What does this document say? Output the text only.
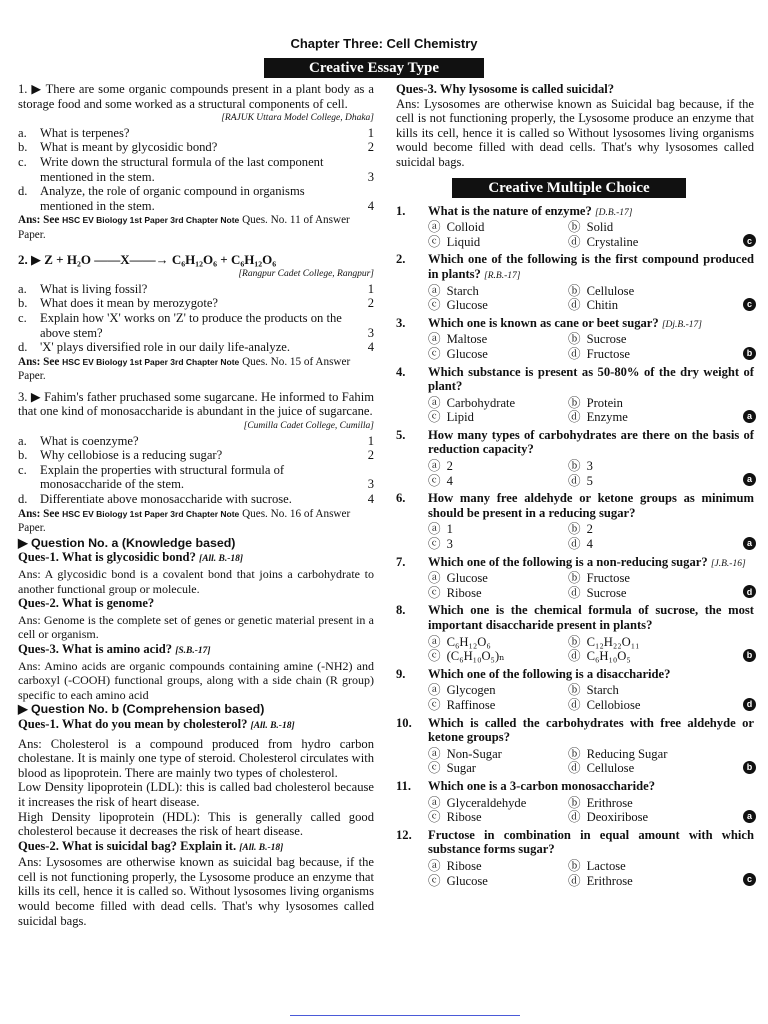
Chapter Three: Cell Chemistry
Creative Essay Type

1. ▶ There are some organic compounds present in a plant body as a storage food and some worked as a structural components of cell.

[RAJUK Uttara Model College, Dhaka]
a.	What is terpenes?	1
b. What is meant by glycosidic bond?	2
c.	Write down the structural formula of the last component mentioned in the stem.	3
d. Analyze, the role of organic compound in organisms mentioned in the stem.	4

Ans: See HSC EV Biology 1st Paper 3rd Chapter Note Ques. No. 11 of Answer Paper.

2. ▶ Z + H₂O ——X——→ C₆H₁₂O₆ + C₆H₁₂O₆

[Rangpur Cadet College, Rangpur]
a.	What is living fossil?	1
b. What does it mean by merozygote?	2
c.	Explain how 'X' works on 'Z' to produce the products on the above stem?	3
d. 'X' plays diversified role in our daily life-analyze.	4

Ans: See HSC EV Biology 1st Paper 3rd Chapter Note Ques. No. 15 of Answer Paper.

3. ▶ Fahim's father pruchased some sugarcane. He informed to Fahim that one kind of monosaccharide is abundant in the juice of sugarcane.

[Cumilla Cadet College, Cumilla]
a.	What is coenzyme?	1
b. Why cellobiose is a reducing sugar?	2
c.	Explain the properties with structural formula of monosaccharide of the stem.	3
d. Differentiate above monosaccharide with sucrose.	4

Ans: See HSC EV Biology 1st Paper 3rd Chapter Note Ques. No. 16 of Answer Paper.

▶ Question No. a (Knowledge based)

Ques-1. What is glycosidic bond? [All. B.-18]

Ans: A glycosidic bond is a covalent bond that joins a carbohydrate to another functional group or molecule.

Ques-2. What is genome?

Ans: Genome is the complete set of genes or genetic material present in a cell or organism.

Ques-3. What is amino acid? [S.B.-17]

Ans: Amino acids are organic compounds containing amine (-NH2) and carboxyl (-COOH) functional groups, along with a side chain (R group) specific to each amino acid

▶ Question No. b (Comprehension based)

Ques-1. What do you mean by cholesterol? [All. B.-18]

Ans: Cholesterol is a compound produced from hydro carbon cholestane. It is mainly one type of steroid. Cholesterol circulates with blood as lipoprotein. There are mainly two types of cholesterol.

Low Density lipoprotein (LDL): this is called bad cholesterol because it increases the risk of heart disease.

High Density lipoprotein (HDL): This is generally called good cholesterol because it decreases the risk of heart disease.

Ques-2. What is suicidal bag? Explain it. [All. B.-18]

Ans: Lysosomes are otherwise known as suicidal bag because, if the cell is not functioning properly, the Lysosome produce an enzyme that kills its cell, hence it is called so. Without lysosomes living organisms would become filled with dead cells. That's why lysosomes called suicidal bags.

Ques-3. Why lysosome is called suicidal?

Ans: Lysosomes are otherwise known as Suicidal bag because, if the cell is not functioning properly, the Lysosome produce an enzyme that kills its cell, hence it is called so Without lysosomes living organisms would become filled with dead cells. That's why lysosomes called suicidal bags.

Creative Multiple Choice
1.	What is the nature of enzyme? [D.B.-17]
ⓐ Colloid	ⓑ Solid
ⓒ Liquid	ⓓ Crystaline	c
2.	Which one of the following is the first compound produced in plants? [R.B.-17]
ⓐ Starch	ⓑ Cellulose
ⓒ Glucose	ⓓ Chitin	c
3.	Which one is known as cane or beet sugar? [Dj.B.-17]
ⓐ Maltose	ⓑ Sucrose
ⓒ Glucose	ⓓ Fructose	b
4.	Which substance is present as 50-80% of the dry weight of plant?
ⓐ Carbohydrate	ⓑ Protein
ⓒ Lipid	ⓓ Enzyme	a
5.	How many types of carbohydrates are there on the basis of reduction capacity?
ⓐ 2	ⓑ 3
ⓒ 4	ⓓ 5	a
6.	How many free aldehyde or ketone groups as minimum should be present in a reducing sugar?
ⓐ 1	ⓑ 2
ⓒ 3	ⓓ 4	a
7.	Which one of the following is a non-reducing sugar? [J.B.-16]
ⓐ Glucose	ⓑ Fructose
ⓒ Ribose	ⓓ Sucrose	d
8.	Which one is the chemical formula of sucrose, the most important disaccharide present in plants?
ⓐ C₆H₁₂O₆	ⓑ C₁₂H₂₂O₁₁
ⓒ (C₆H₁₀O₅)ₙ	ⓓ C₆H₁₀O₅	b
9.	Which one of the following is a disaccharide?
ⓐ Glycogen	ⓑ Starch
ⓒ Raffinose	ⓓ Cellobiose	d
10.	Which is called the carbohydrates with free aldehyde or ketone groups?
ⓐ Non-Sugar	ⓑ Reducing Sugar
ⓒ Sugar	ⓓ Cellulose	b
11.	Which one is a 3-carbon monosaccharide?
ⓐ Glyceraldehyde	ⓑ Erithrose
ⓒ Ribose	ⓓ Deoxiribose	a
12.	Fructose in combination in equal amount with which substance forms sugar?
ⓐ Ribose	ⓑ Lactose
ⓒ Glucose	ⓓ Erithrose	c
